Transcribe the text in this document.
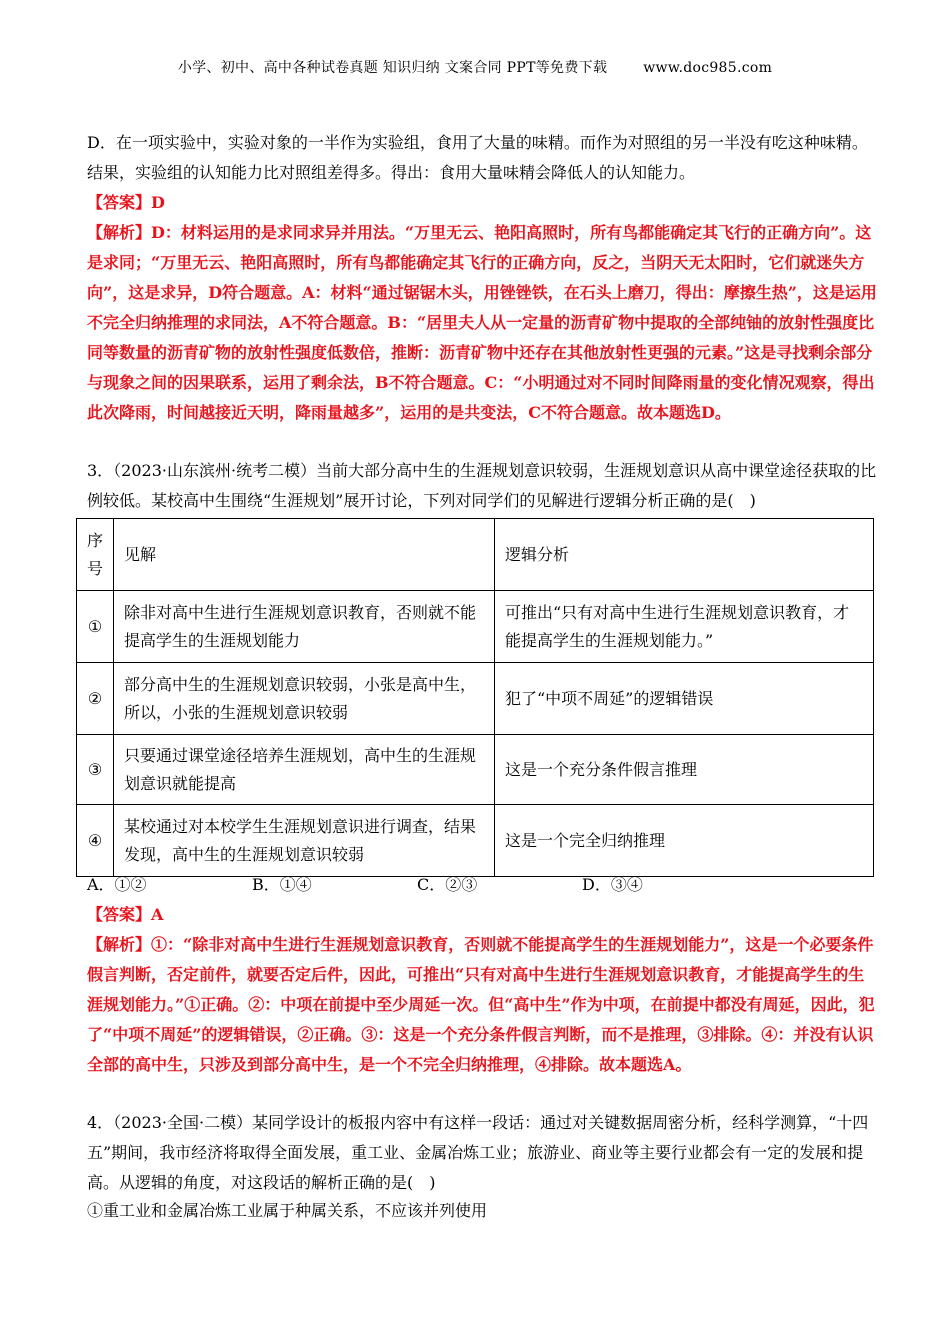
小学、初中、高中各种试卷真题 知识归纳 文案合同 PPT等免费下载	www.doc985.com
D．在一项实验中，实验对象的一半作为实验组，食用了大量的味精。而作为对照组的另一半没有吃这种味精。结果，实验组的认知能力比对照组差得多。得出：食用大量味精会降低人的认知能力。
【答案】D
【解析】D：材料运用的是求同求异并用法。“万里无云、艳阳高照时，所有鸟都能确定其飞行的正确方向”。这是求同；“万里无云、艳阳高照时，所有鸟都能确定其飞行的正确方向，反之，当阴天无太阳时，它们就迷失方向”，这是求异，D符合题意。A：材料“通过锯锯木头，用锉锉铁，在石头上磨刀，得出：摩擦生热”，这是运用不完全归纳推理的求同法，A不符合题意。B：“居里夫人从一定量的沥青矿物中提取的全部纯铀的放射性强度比同等数量的沥青矿物的放射性强度低数倍，推断：沥青矿物中还存在其他放射性更强的元素。”这是寻找剩余部分与现象之间的因果联系，运用了剩余法，B不符合题意。C：“小明通过对不同时间降雨量的变化情况观察，得出此次降雨，时间越接近天明，降雨量越多”，运用的是共变法，C不符合题意。故本题选D。
3．（2023·山东滨州·统考二模）当前大部分高中生的生涯规划意识较弱，生涯规划意识从高中课堂途径获取的比例较低。某校高中生围绕“生涯规划”展开讨论，下列对同学们的见解进行逻辑分析正确的是(　)
序号	见解	逻辑分析
①	除非对高中生进行生涯规划意识教育，否则就不能提高学生的生涯规划能力	可推出“只有对高中生进行生涯规划意识教育，才能提高学生的生涯规划能力。”
②	部分高中生的生涯规划意识较弱，小张是高中生，所以，小张的生涯规划意识较弱	犯了“中项不周延”的逻辑错误
③	只要通过课堂途径培养生涯规划，高中生的生涯规划意识就能提高	这是一个充分条件假言推理
④	某校通过对本校学生生涯规划意识进行调查，结果发现，高中生的生涯规划意识较弱	这是一个完全归纳推理
A．①②	B．①④	C．②③	D．③④
【答案】A
【解析】①：“除非对高中生进行生涯规划意识教育，否则就不能提高学生的生涯规划能力”，这是一个必要条件假言判断，否定前件，就要否定后件，因此，可推出“只有对高中生进行生涯规划意识教育，才能提高学生的生涯规划能力。”①正确。②：中项在前提中至少周延一次。但“高中生”作为中项，在前提中都没有周延，因此，犯了“中项不周延”的逻辑错误，②正确。③：这是一个充分条件假言判断，而不是推理，③排除。④：并没有认识全部的高中生，只涉及到部分高中生，是一个不完全归纳推理，④排除。故本题选A。
4．（2023·全国·二模）某同学设计的板报内容中有这样一段话：通过对关键数据周密分析，经科学测算，“十四五”期间，我市经济将取得全面发展，重工业、金属冶炼工业；旅游业、商业等主要行业都会有一定的发展和提高。从逻辑的角度，对这段话的解析正确的是(　)
①重工业和金属冶炼工业属于种属关系，不应该并列使用
